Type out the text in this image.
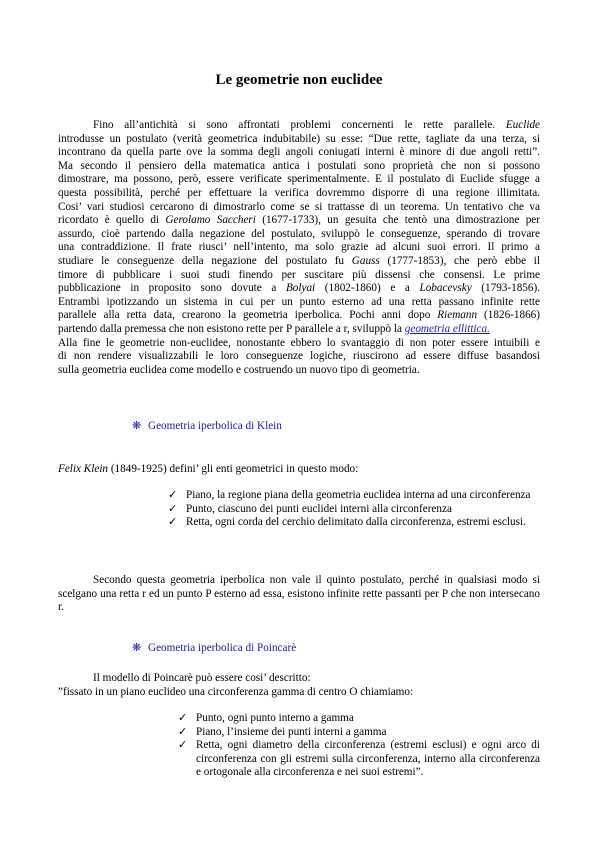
Le geometrie non euclidee
Fino all’antichità si sono affrontati problemi concernenti le rette parallele. Euclide
introdusse un postulato (verità geometrica indubitabile) su esse: “Due rette, tagliate da una terza, si
incontrano da quella parte ove la somma degli angoli coniugati interni è minore di due angoli retti”.
Ma secondo il pensiero della matematica antica i postulati sono proprietà che non si possono
dimostrare, ma possono, però, essere verificate sperimentalmente. E il postulato di Euclide sfugge a
questa possibilità, perché per effettuare la verifica dovremmo disporre di una regione illimitata.
Cosi’ vari studiosi cercarono di dimostrarlo come se si trattasse di un teorema. Un tentativo che va
ricordato è quello di Gerolamo Saccheri (1677-1733), un gesuita che tentò una dimostrazione per
assurdo, cioè partendo dalla negazione del postulato, sviluppò le conseguenze, sperando di trovare
una contraddizione. Il frate riusci’ nell’intento, ma solo grazie ad alcuni suoi errori. Il primo a
studiare le conseguenze della negazione del postulato fu Gauss (1777-1853), che però ebbe il
timore di pubblicare i suoi studi finendo per suscitare più dissensi che consensi. Le prime
pubblicazione in proposito sono dovute a Bolyai (1802-1860) e a Lobacevsky (1793-1856).
Entrambi ipotizzando un sistema in cui per un punto esterno ad una retta passano infinite rette
parallele alla retta data, crearono la geometria iperbolica. Pochi anni dopo Riemann (1826-1866)
partendo dalla premessa che non esistono rette per P parallele a r, sviluppò la geometria ellittica.
Alla fine le geometrie non-euclidee, nonostante ebbero lo svantaggio di non poter essere intuibili e
di non rendere visualizzabili le loro conseguenze logiche, riuscirono ad essere diffuse basandosi
sulla geometria euclidea come modello e costruendo un nuovo tipo di geometria.
❋ Geometria iperbolica di Klein
Felix Klein (1849-1925) defini’ gli enti geometrici in questo modo:
✓ Piano, la regione piana della geometria euclidea interna ad una circonferenza
✓ Punto, ciascuno dei punti euclidei interni alla circonferenza
✓ Retta, ogni corda del cerchio delimitato dalla circonferenza, estremi esclusi.
Secondo questa geometria iperbolica non vale il quinto postulato, perché in qualsiasi modo si scelgano una retta r ed un punto P esterno ad essa, esistono infinite rette passanti per P che non intersecano r.
❋ Geometria iperbolica di Poincarè
Il modello di Poincarè può essere cosi’ descritto:
”fissato in un piano euclideo una circonferenza gamma di centro O chiamiamo:
✓ Punto, ogni punto interno a gamma
✓ Piano, l’insieme dei punti interni a gamma
✓ Retta, ogni diametro della circonferenza (estremi esclusi) e ogni arco di circonferenza con gli estremi sulla circonferenza, interno alla circonferenza e ortogonale alla circonferenza e nei suoi estremi”.
